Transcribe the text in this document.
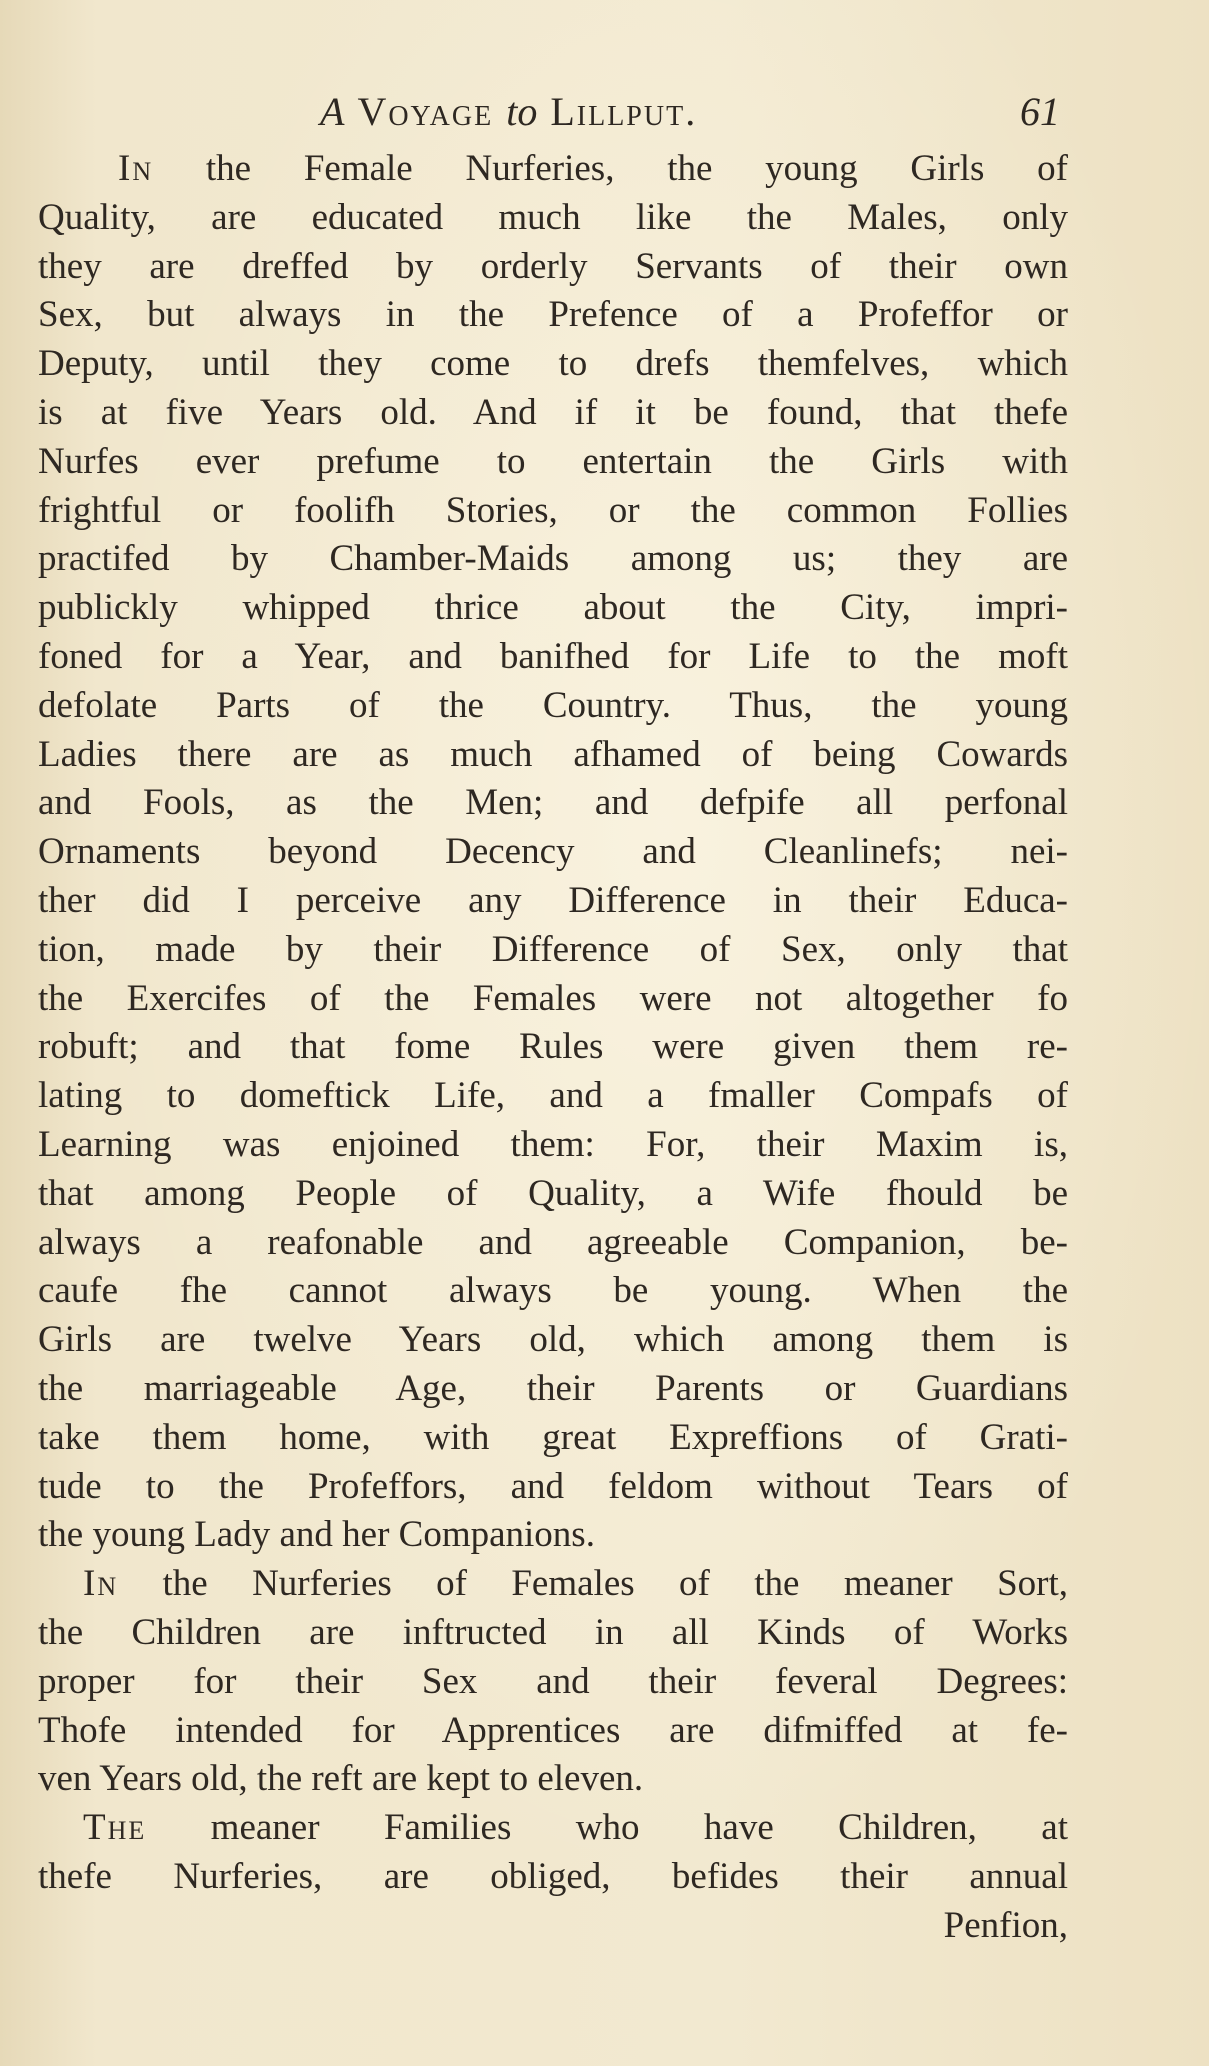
A Voyage to Lillput.	61
In the Female Nurferies, the young Girls of
Quality, are educated much like the Males, only
they are dreffed by orderly Servants of their own
Sex, but always in the Prefence of a Profeffor or
Deputy, until they come to drefs themfelves, which
is at five Years old. And if it be found, that thefe
Nurfes ever prefume to entertain the Girls with
frightful or foolifh Stories, or the common Follies
practifed by Chamber-Maids among us; they are
publickly whipped thrice about the City, impri-
foned for a Year, and banifhed for Life to the moft
defolate Parts of the Country. Thus, the young
Ladies there are as much afhamed of being Cowards
and Fools, as the Men; and defpife all perfonal
Ornaments beyond Decency and Cleanlinefs; nei-
ther did I perceive any Difference in their Educa-
tion, made by their Difference of Sex, only that
the Exercifes of the Females were not altogether fo
robuft; and that fome Rules were given them re-
lating to domeftick Life, and a fmaller Compafs of
Learning was enjoined them: For, their Maxim is,
that among People of Quality, a Wife fhould be
always a reafonable and agreeable Companion, be-
caufe fhe cannot always be young. When the
Girls are twelve Years old, which among them is
the marriageable Age, their Parents or Guardians
take them home, with great Expreffions of Grati-
tude to the Profeffors, and feldom without Tears of
the young Lady and her Companions.
In the Nurferies of Females of the meaner Sort,
the Children are inftructed in all Kinds of Works
proper for their Sex and their feveral Degrees:
Thofe intended for Apprentices are difmiffed at fe-
ven Years old, the reft are kept to eleven.
The meaner Families who have Children, at
thefe Nurferies, are obliged, befides their annual
Penfion,
